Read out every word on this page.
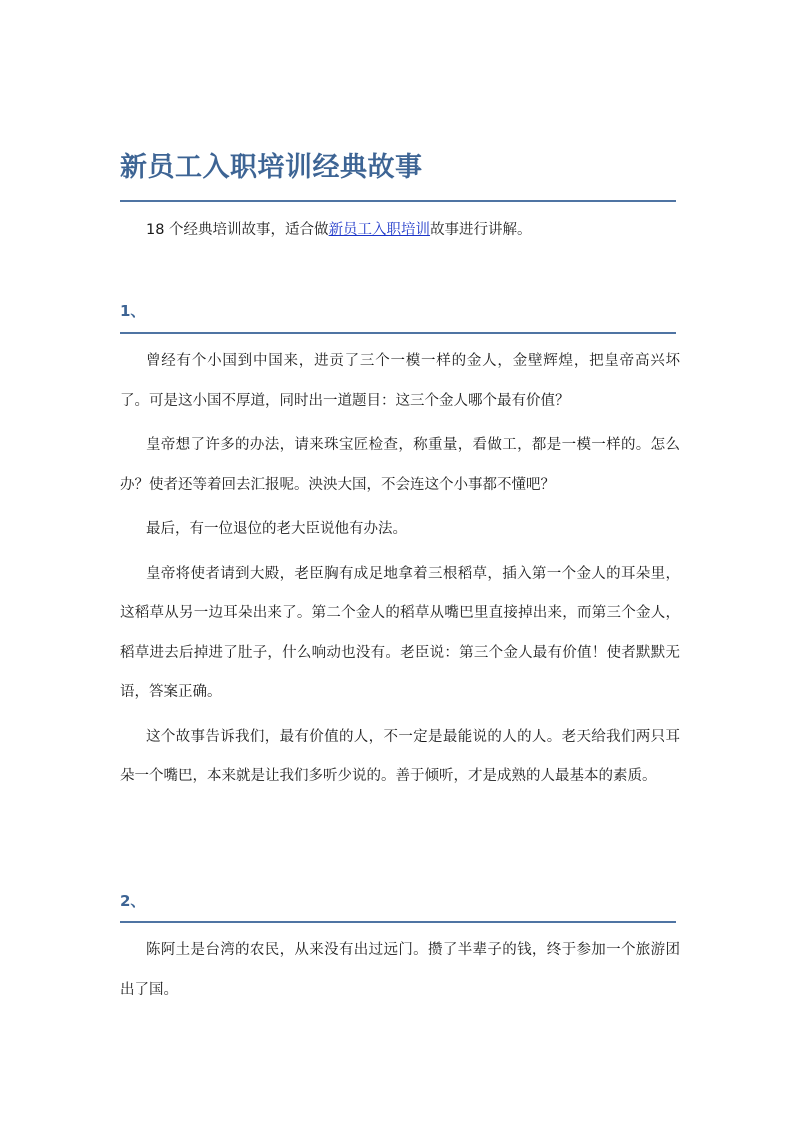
新员工入职培训经典故事

18 个经典培训故事，适合做新员工入职培训故事进行讲解。

1、

曾经有个小国到中国来，进贡了三个一模一样的金人，金壁辉煌，把皇帝高兴坏了。可是这小国不厚道，同时出一道题目：这三个金人哪个最有价值？

皇帝想了许多的办法，请来珠宝匠检查，称重量，看做工，都是一模一样的。怎么办？使者还等着回去汇报呢。泱泱大国，不会连这个小事都不懂吧？

最后，有一位退位的老大臣说他有办法。

皇帝将使者请到大殿，老臣胸有成足地拿着三根稻草，插入第一个金人的耳朵里，这稻草从另一边耳朵出来了。第二个金人的稻草从嘴巴里直接掉出来，而第三个金人，稻草进去后掉进了肚子，什么响动也没有。老臣说：第三个金人最有价值！使者默默无语，答案正确。

这个故事告诉我们，最有价值的人，不一定是最能说的人的人。老天给我们两只耳朵一个嘴巴，本来就是让我们多听少说的。善于倾听，才是成熟的人最基本的素质。

2、

陈阿土是台湾的农民，从来没有出过远门。攒了半辈子的钱，终于参加一个旅游团出了国。
